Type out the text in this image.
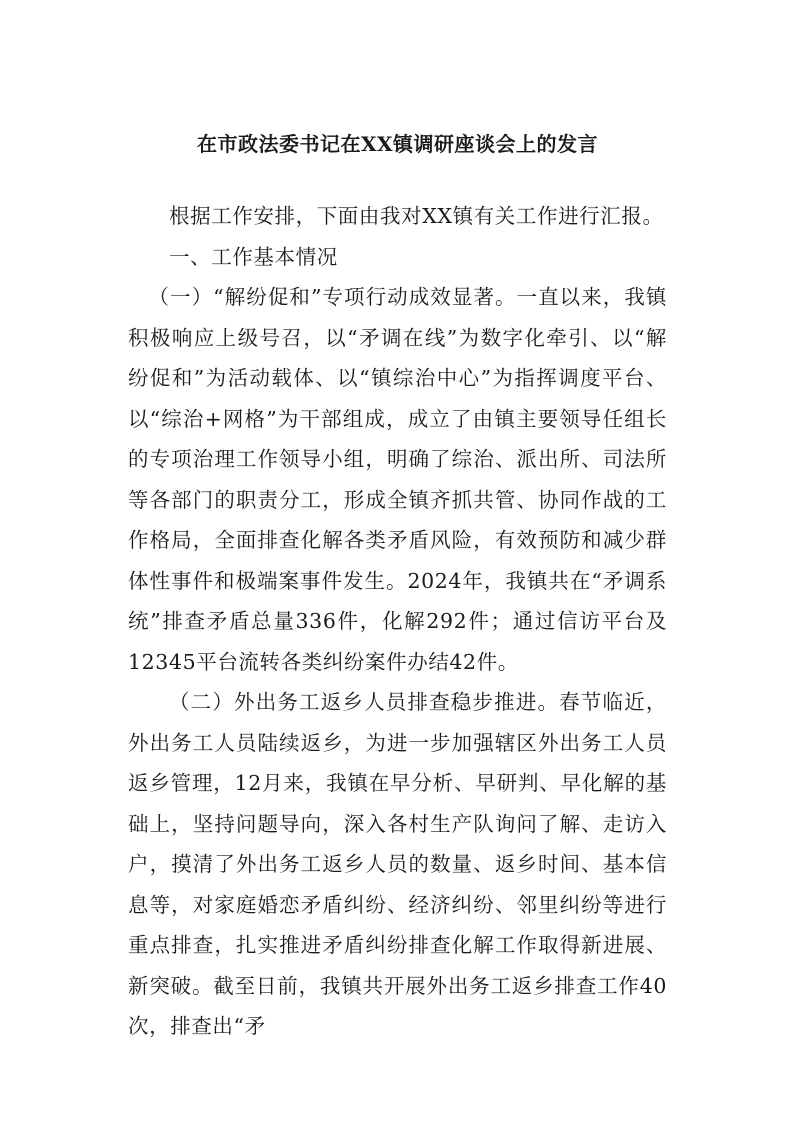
在市政法委书记在XX镇调研座谈会上的发言

根据工作安排，下面由我对XX镇有关工作进行汇报。

一、工作基本情况

（一）“解纷促和”专项行动成效显著。一直以来，我镇积极响应上级号召，以“矛调在线”为数字化牵引、以“解纷促和”为活动载体、以“镇综治中心”为指挥调度平台、以“综治+网格”为干部组成，成立了由镇主要领导任组长的专项治理工作领导小组，明确了综治、派出所、司法所等各部门的职责分工，形成全镇齐抓共管、协同作战的工作格局，全面排查化解各类矛盾风险，有效预防和减少群体性事件和极端案事件发生。2024年，我镇共在“矛调系统”排查矛盾总量336件，化解292件；通过信访平台及12345平台流转各类纠纷案件办结42件。

（二）外出务工返乡人员排查稳步推进。春节临近，外出务工人员陆续返乡，为进一步加强辖区外出务工人员返乡管理，12月来，我镇在早分析、早研判、早化解的基础上，坚持问题导向，深入各村生产队询问了解、走访入户，摸清了外出务工返乡人员的数量、返乡时间、基本信息等，对家庭婚恋矛盾纠纷、经济纠纷、邻里纠纷等进行重点排查，扎实推进矛盾纠纷排查化解工作取得新进展、新突破。截至日前，我镇共开展外出务工返乡排查工作40次，排查出“矛
